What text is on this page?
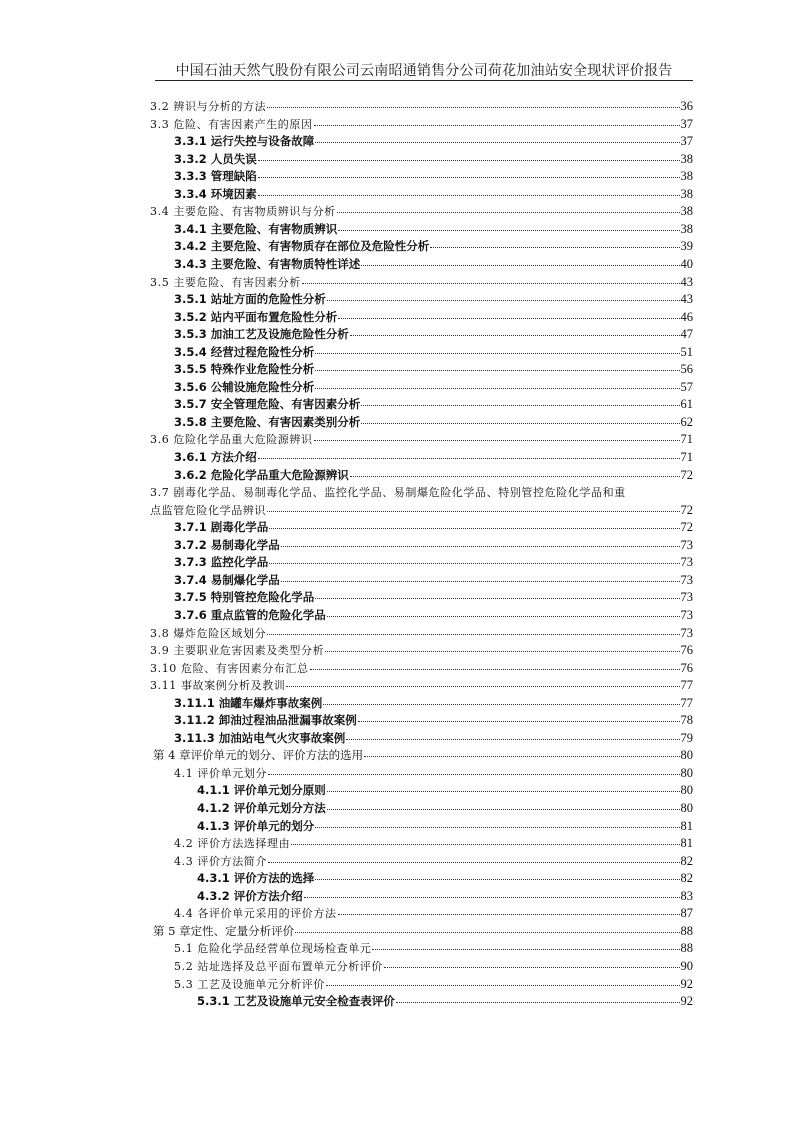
中国石油天然气股份有限公司云南昭通销售分公司荷花加油站安全现状评价报告
3.2 辨识与分析的方法	36
3.3 危险、有害因素产生的原因	37
3.3.1 运行失控与设备故障	37
3.3.2 人员失误	38
3.3.3 管理缺陷	38
3.3.4 环境因素	38
3.4 主要危险、有害物质辨识与分析	38
3.4.1 主要危险、有害物质辨识	38
3.4.2 主要危险、有害物质存在部位及危险性分析	39
3.4.3 主要危险、有害物质特性详述	40
3.5 主要危险、有害因素分析	43
3.5.1 站址方面的危险性分析	43
3.5.2 站内平面布置危险性分析	46
3.5.3 加油工艺及设施危险性分析	47
3.5.4 经营过程危险性分析	51
3.5.5 特殊作业危险性分析	56
3.5.6 公辅设施危险性分析	57
3.5.7 安全管理危险、有害因素分析	61
3.5.8 主要危险、有害因素类别分析	62
3.6 危险化学品重大危险源辨识	71
3.6.1 方法介绍	71
3.6.2 危险化学品重大危险源辨识	72
3.7 剧毒化学品、易制毒化学品、监控化学品、易制爆危险化学品、特别管控危险化学品和重
点监管危险化学品辨识	72
3.7.1 剧毒化学品	72
3.7.2 易制毒化学品	73
3.7.3 监控化学品	73
3.7.4 易制爆化学品	73
3.7.5 特别管控危险化学品	73
3.7.6 重点监管的危险化学品	73
3.8 爆炸危险区域划分	73
3.9 主要职业危害因素及类型分析	76
3.10 危险、有害因素分布汇总	76
3.11 事故案例分析及教训	77
3.11.1 油罐车爆炸事故案例	77
3.11.2 卸油过程油品泄漏事故案例	78
3.11.3 加油站电气火灾事故案例	79
第 4 章评价单元的划分、评价方法的选用	80
4.1 评价单元划分	80
4.1.1 评价单元划分原则	80
4.1.2 评价单元划分方法	80
4.1.3 评价单元的划分	81
4.2 评价方法选择理由	81
4.3 评价方法简介	82
4.3.1 评价方法的选择	82
4.3.2 评价方法介绍	83
4.4 各评价单元采用的评价方法	87
第 5 章定性、定量分析评价	88
5.1 危险化学品经营单位现场检查单元	88
5.2 站址选择及总平面布置单元分析评价	90
5.3 工艺及设施单元分析评价	92
5.3.1 工艺及设施单元安全检查表评价	92
